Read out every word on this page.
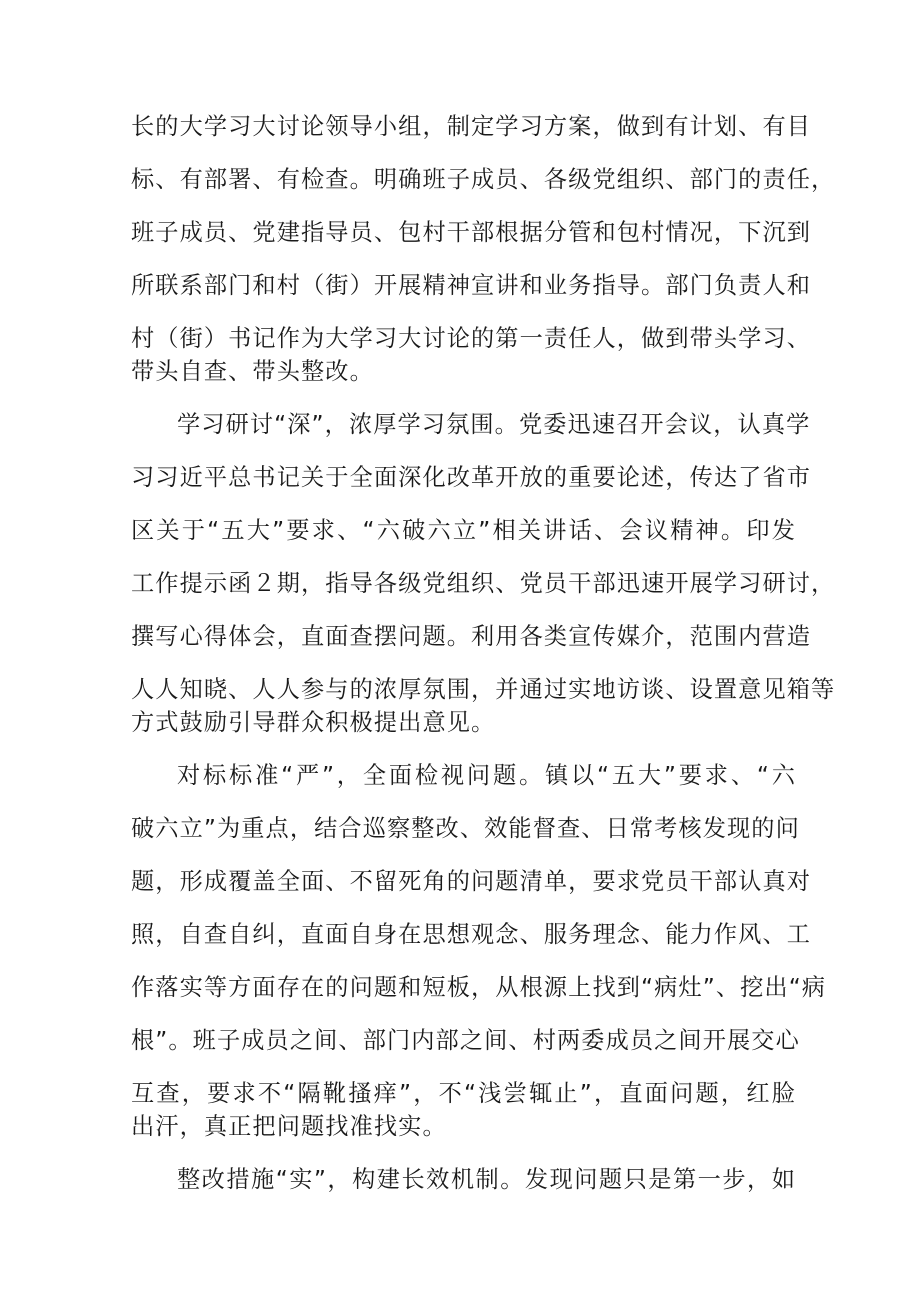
长的大学习大讨论领导小组，制定学习方案，做到有计划、有目
标、有部署、有检查。明确班子成员、各级党组织、部门的责任，
班子成员、党建指导员、包村干部根据分管和包村情况，下沉到
所联系部门和村（街）开展精神宣讲和业务指导。部门负责人和
村（街）书记作为大学习大讨论的第一责任人，做到带头学习、
带头自查、带头整改。
学习研讨“深”，浓厚学习氛围。党委迅速召开会议，认真学
习习近平总书记关于全面深化改革开放的重要论述，传达了省市
区关于“五大”要求、“六破六立”相关讲话、会议精神。印发
工作提示函２期，指导各级党组织、党员干部迅速开展学习研讨，
撰写心得体会，直面查摆问题。利用各类宣传媒介，范围内营造
人人知晓、人人参与的浓厚氛围，并通过实地访谈、设置意见箱等
方式鼓励引导群众积极提出意见。
对标标准“严”，全面检视问题。镇以“五大”要求、“六
破六立”为重点，结合巡察整改、效能督查、日常考核发现的问
题，形成覆盖全面、不留死角的问题清单，要求党员干部认真对
照，自查自纠，直面自身在思想观念、服务理念、能力作风、工
作落实等方面存在的问题和短板，从根源上找到“病灶”、挖出“病
根”。班子成员之间、部门内部之间、村两委成员之间开展交心
互查，要求不“隔靴搔痒”，不“浅尝辄止”，直面问题，红脸
出汗，真正把问题找准找实。
整改措施“实”，构建长效机制。发现问题只是第一步，如
